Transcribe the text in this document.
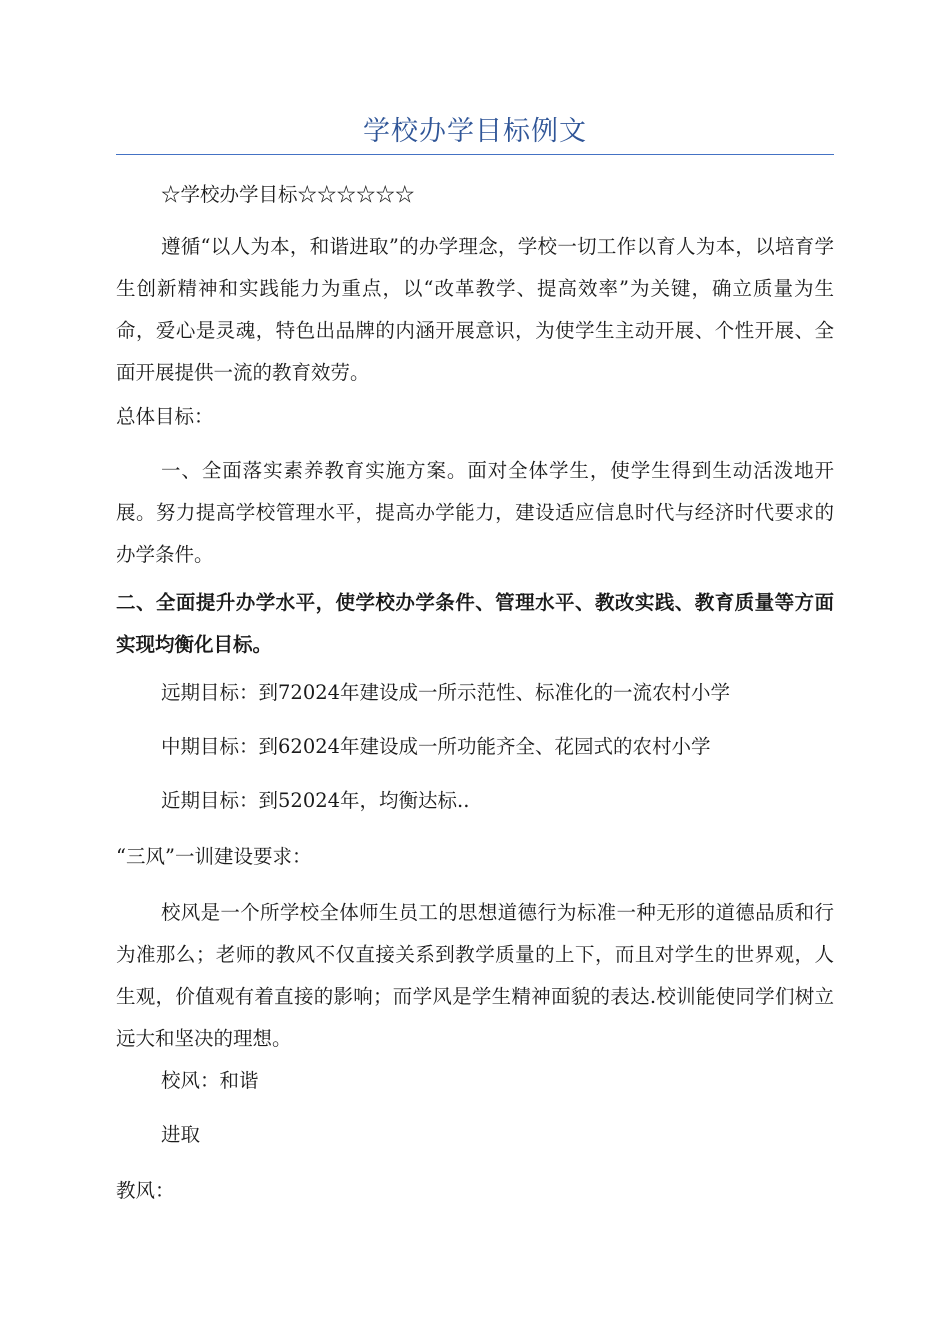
学校办学目标例文

☆学校办学目标☆☆☆☆☆☆

遵循“以人为本，和谐进取”的办学理念，学校一切工作以育人为本，以培育学生创新精神和实践能力为重点，以“改革教学、提高效率”为关键，确立质量为生命，爱心是灵魂，特色出品牌的内涵开展意识，为使学生主动开展、个性开展、全面开展提供一流的教育效劳。

总体目标：

一、全面落实素养教育实施方案。面对全体学生，使学生得到生动活泼地开展。努力提高学校管理水平，提高办学能力，建设适应信息时代与经济时代要求的办学条件。

二、全面提升办学水平，使学校办学条件、管理水平、教改实践、教育质量等方面实现均衡化目标。

远期目标：到72024年建设成一所示范性、标准化的一流农村小学

中期目标：到62024年建设成一所功能齐全、花园式的农村小学

近期目标：到52024年，均衡达标..

“三风”一训建设要求：

校风是一个所学校全体师生员工的思想道德行为标准一种无形的道德品质和行为准那么；老师的教风不仅直接关系到教学质量的上下，而且对学生的世界观，人生观，价值观有着直接的影响；而学风是学生精神面貌的表达.校训能使同学们树立远大和坚决的理想。

校风：和谐

进取

教风：
